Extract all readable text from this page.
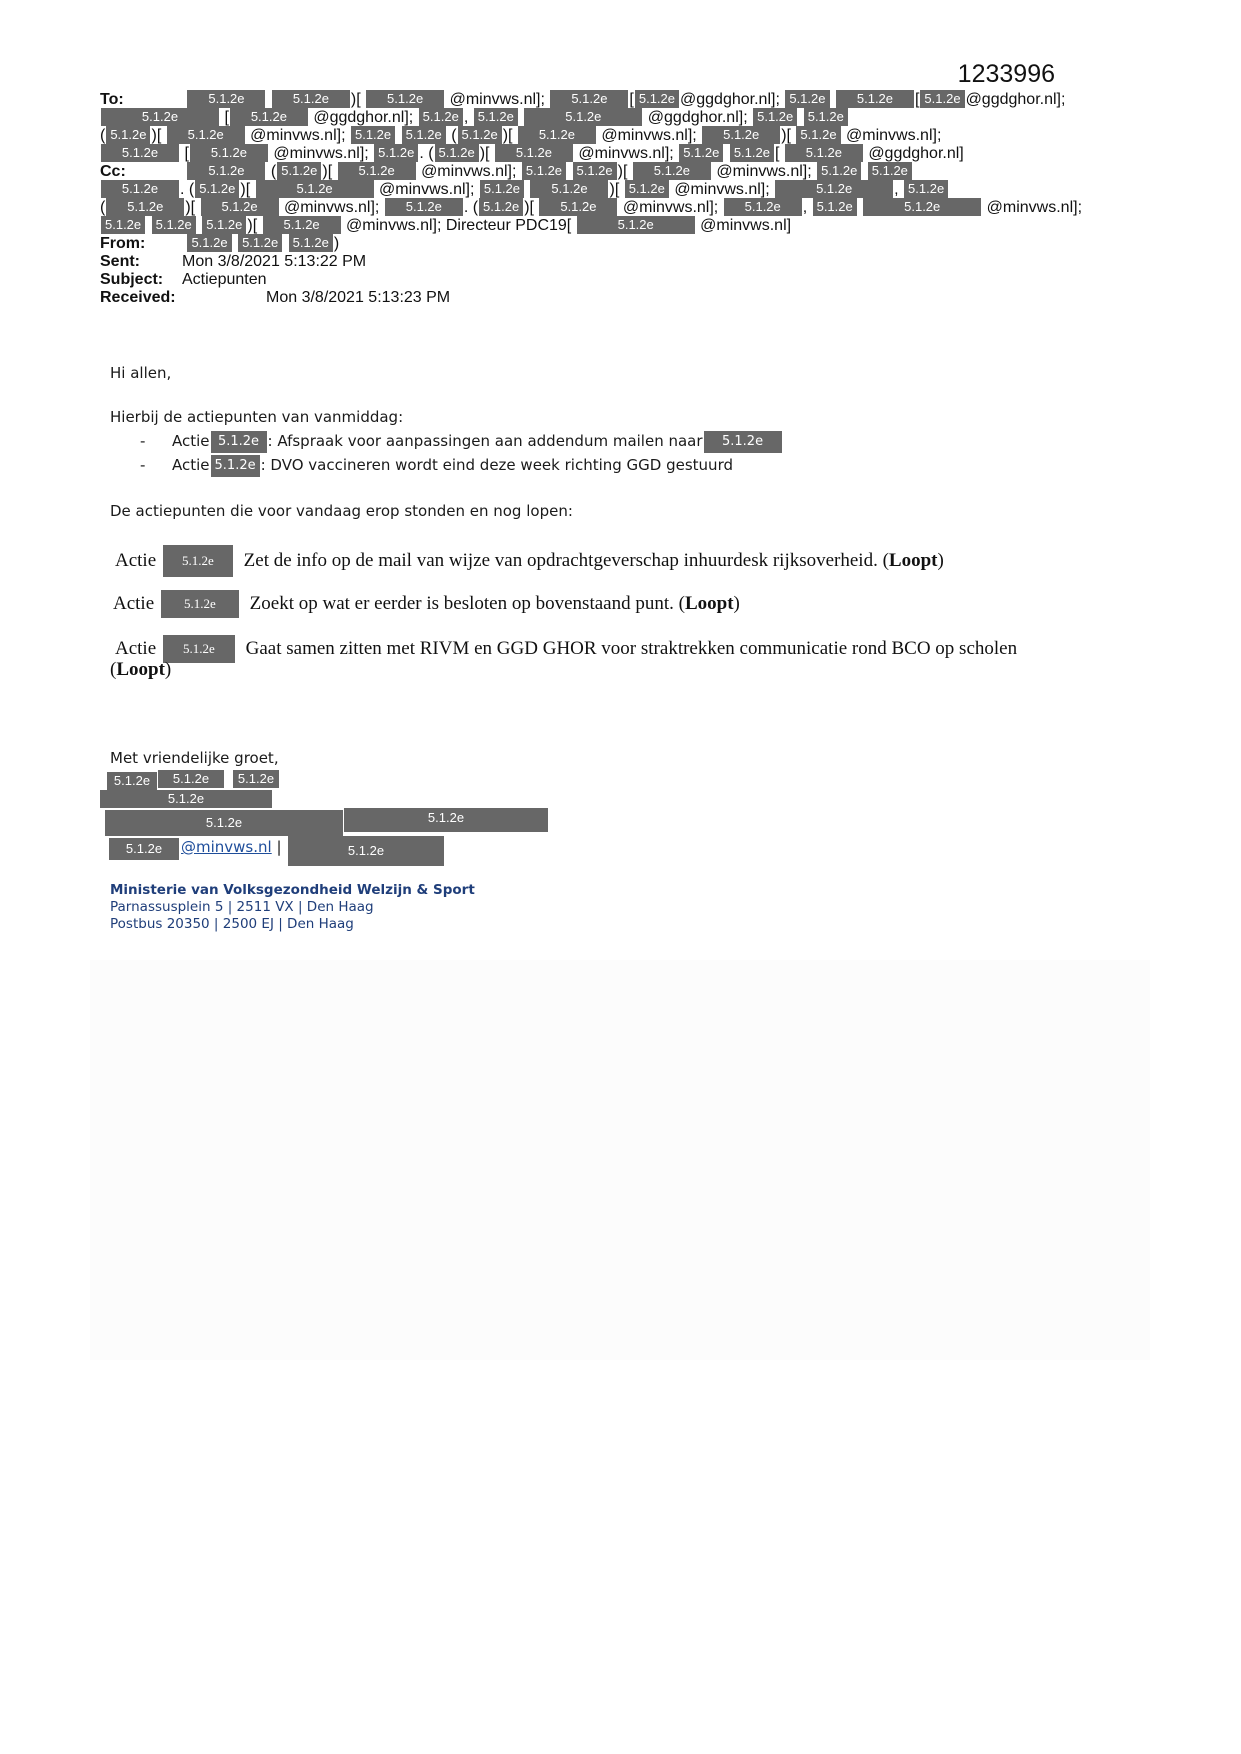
1233996
To:	5.1.2e	5.1.2e )[ 5.1.2e @minvws.nl]; 5.1.2e [ 5.1.2e @ggdghor.nl]; 5.1.2e 5.1.2e [ 5.1.2e @ggdghor.nl];
5.1.2e	[ 5.1.2e @ggdghor.nl]; 5.1.2e , 5.1.2e	5.1.2e	@ggdghor.nl]; 5.1.2e 5.1.2e
( 5.1.2e )[ 5.1.2e @minvws.nl]; 5.1.2e 5.1.2e ( 5.1.2e )[ 5.1.2e @minvws.nl]; 5.1.2e )[ 5.1.2e @minvws.nl];
5.1.2e [ 5.1.2e @minvws.nl]; 5.1.2e . ( 5.1.2e )[ 5.1.2e @minvws.nl]; 5.1.2e 5.1.2e [ 5.1.2e @ggdghor.nl]
Cc:	5.1.2e ( 5.1.2e )[ 5.1.2e @minvws.nl]; 5.1.2e 5.1.2e )[ 5.1.2e @minvws.nl]; 5.1.2e 5.1.2e
5.1.2e . ( 5.1.2e )[	5.1.2e	@minvws.nl]; 5.1.2e 5.1.2e )[ 5.1.2e @minvws.nl];	5.1.2e	, 5.1.2e
( 5.1.2e )[ 5.1.2e @minvws.nl]; 5.1.2e . ( 5.1.2e )[ 5.1.2e @minvws.nl]; 5.1.2e , 5.1.2e	5.1.2e	@minvws.nl];
5.1.2e 5.1.2e 5.1.2e )[ 5.1.2e @minvws.nl]; Directeur PDC19[	5.1.2e	@minvws.nl]
From:	5.1.2e 5.1.2e 5.1.2e )
Sent:	Mon 3/8/2021 5:13:22 PM
Subject: Actiepunten
Received:	Mon 3/8/2021 5:13:23 PM
Hi allen,
Hierbij de actiepunten van vanmiddag:
- Actie 5.1.2e : Afspraak voor aanpassingen aan addendum mailen naar 5.1.2e
- Actie 5.1.2e : DVO vaccineren wordt eind deze week richting GGD gestuurd
De actiepunten die voor vandaag erop stonden en nog lopen:
Actie 5.1.2e Zet de info op de mail van wijze van opdrachtgeverschap inhuurdesk rijksoverheid. (Loopt)
Actie 5.1.2e Zoekt op wat er eerder is besloten op bovenstaand punt. (Loopt)
Actie 5.1.2e Gaat samen zitten met RIVM en GGD GHOR voor straktrekken communicatie rond BCO op scholen
(Loopt)
Met vriendelijke groet,
5.1.2e	5.1.2e	5.1.2e
5.1.2e
5.1.2e	5.1.2e
5.1.2e	@minvws.nl |	5.1.2e
Ministerie van Volksgezondheid Welzijn & Sport
Parnassusplein 5 | 2511 VX | Den Haag
Postbus 20350 | 2500 EJ | Den Haag
